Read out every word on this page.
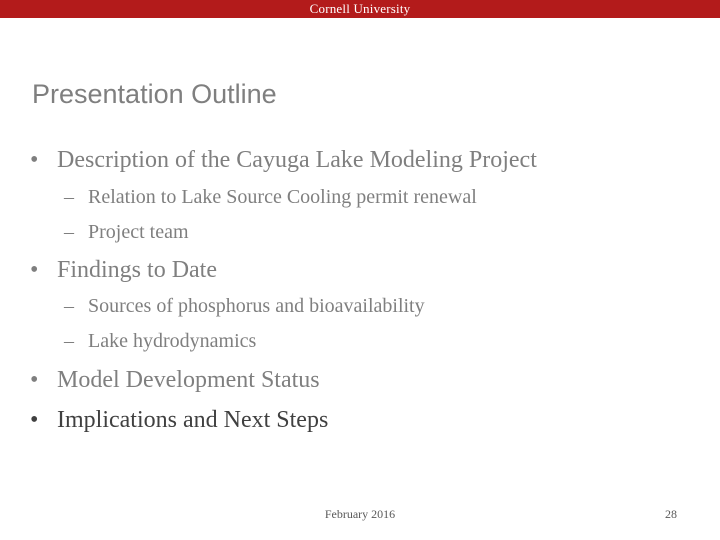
Cornell University
Presentation Outline
• Description of the Cayuga Lake Modeling Project
– Relation to Lake Source Cooling permit renewal
– Project team
• Findings to Date
– Sources of phosphorus and bioavailability
– Lake hydrodynamics
• Model Development Status
• Implications and Next Steps
February 2016	28
